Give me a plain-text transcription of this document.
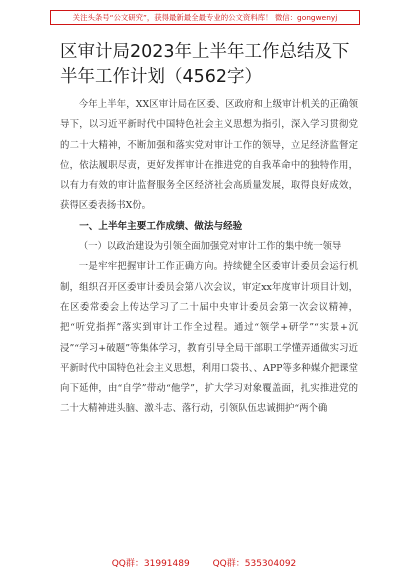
关注头条号“公文研究”，获得最新最全最专业的公文资料库！ 微信：gongwenyj
区审计局2023年上半年工作总结及下半年工作计划（4562字）

今年上半年，XX区审计局在区委、区政府和上级审计机关的正确领导下，以习近平新时代中国特色社会主义思想为指引，深入学习贯彻党的二十大精神，不断加强和落实党对审计工作的领导，立足经济监督定位，依法履职尽责，更好发挥审计在推进党的自我革命中的独特作用，以有力有效的审计监督服务全区经济社会高质量发展，取得良好成效，获得区委表扬书X份。

一、上半年主要工作成绩、做法与经验

（一）以政治建设为引领全面加强党对审计工作的集中统一领导

一是牢牢把握审计工作正确方向。持续健全区委审计委员会运行机制，组织召开区委审计委员会第八次会议，审定xx年度审计项目计划，在区委常委会上传达学习了二十届中央审计委员会第一次会议精神，把“听党指挥”落实到审计工作全过程。通过“领学+研学”“实景+沉浸”“学习+破题”等集体学习，教育引导全局干部职工学懂弄通做实习近平新时代中国特色社会主义思想，利用口袋书、、APP等多种媒介把课堂向下延伸，由“自学”带动“他学”，扩大学习对象覆盖面，扎实推进党的二十大精神进头脑、激斗志、落行动，引领队伍忠诚拥护“两个确

QQ群：31991489	QQ群：535304092
